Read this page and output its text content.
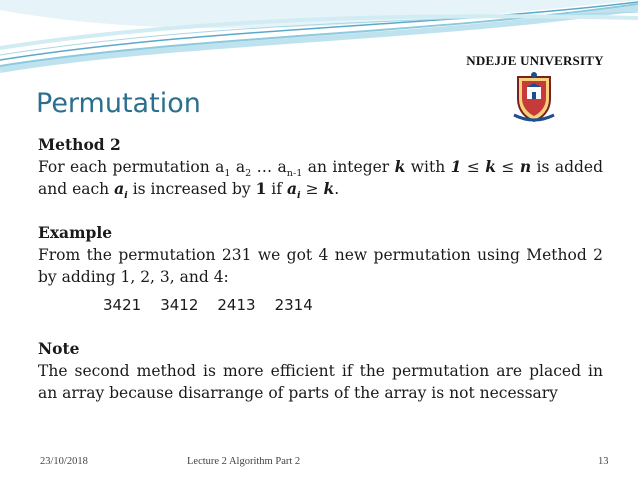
NDEJJE UNIVERSITY
Permutation

Method 2

For each permutation $a_1$ $a_2$ … $a_{n-1}$ an integer k with 1 ≤ k ≤ n is added and each $a_i$ is increased by 1 if $a_i \ge k$.

Example

From the permutation 231 we got 4 new permutation using Method 2 by adding 1, 2, 3, and 4:

3421 3412 2413 2314

Note

The second method is more efficient if the permutation are placed in an array because disarrange of parts of the array is not necessary

23/10/2018	Lecture 2 Algorithm Part 2	13
